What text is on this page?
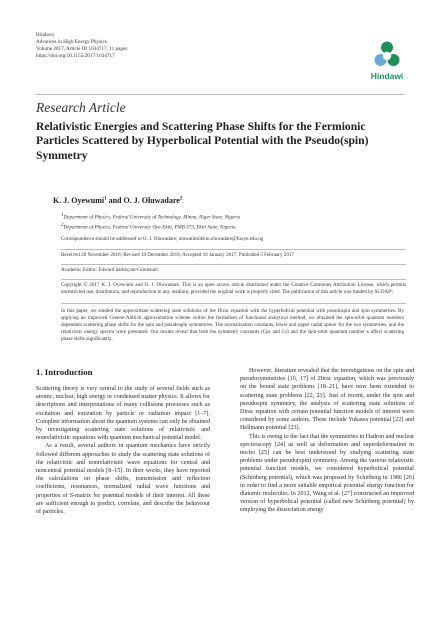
Hindawi
Advances in High Energy Physics
Volume 2017, Article ID 1634717, 11 pages
https://doi.org/10.1155/2017/1634717
Hindawi
Research Article
Relativistic Energies and Scattering Phase Shifts for the Fermionic Particles Scattered by Hyperbolical Potential with the Pseudo(spin) Symmetry
K. J. Oyewumi$^1$ and O. J. Oluwadare$^2$
$^1$Department of Physics, Federal University of Technology, Minna, Niger State, Nigeria
$^2$Department of Physics, Federal University Oye-Ekiti, PMB 373, Ekiti State, Nigeria
Correspondence should be addressed to O. J. Oluwadare; oluwatimilehin.oluwadare@fuoye.edu.ng
Received 20 November 2016; Revised 19 December 2016; Accepted 10 January 2017; Published 5 February 2017
Academic Editor: Edward Sarkisyan-Grinbaum
Copyright © 2017 K. J. Oyewumi and O. J. Oluwadare. This is an open access article distributed under the Creative Commons Attribution License, which permits unrestricted use, distribution, and reproduction in any medium, provided the original work is properly cited. The publication of this article was funded by SCOAP³.
In this paper, we studied the approximate scattering state solutions of the Dirac equation with the hyperbolical potential with pseudospin and spin symmetries. By applying an improved Greene-Aldrich approximation scheme within the formalism of functional analytical method, we obtained the spin-orbit quantum numbers dependent scattering phase shifts for the spin and pseudospin symmetries. The normalization constants, lower and upper radial spinor for the two symmetries, and the relativistic energy spectra were presented. Our results reveal that both the symmetry constants (Cps and Cs) and the spin-orbit quantum number κ affect scattering phase shifts significantly.
1. Introduction

Scattering theory is very central to the study of several fields such as atomic, nuclear, high energy or condensed matter physics. It allows for descriptions and interpretations of many collisions processes such as excitation and ionization by particle or radiation impact [1–7]. Complete information about the quantum systems can only be obtained by investigating scattering state solutions of relativistic and nonrelativistic equations with quantum mechanical potential model.

As a result, several authors in quantum mechanics have strictly followed different approaches to study the scattering state solutions of the relativistic and nonrelativistic wave equations for central and noncentral potential models [8–15]. In their works, they have reported the calculations on phase shifts, transmission and reflection coefficients, resonances, normalized radial wave functions and properties of S-matrix for potential models of their interest. All these are sufficient enough to predict, correlate, and describe the behaviour of particles.

However, literature revealed that the investigations on the spin and pseudosymmetries [16, 17] of Dirac equation, which was previously on the bound state problems [18–21], have now been extended to scattering state problems [22, 23]. Just of recent, under the spin and pseudospin symmetry, the analysis of scattering state solutions of Dirac equation with certain potential function models of interest were considered by some authors. These include Yukawa potential [22] and Hellmann potential [23].

This is owing to the fact that the symmetries in Hadron and nuclear spectroscopy [24] as well as deformation and superdeformation in nuclei [25] can be best understood by studying scattering state problems under pseudo(spin) symmetry. Among the various relativistic potential function models, we considered hyperbolical potential (Schiöberg potential), which was proposed by Schiöberg in 1986 [26] in order to find a more suitable empirical potential energy function for diatomic molecules. In 2012, Wang et al. [27] constructed an improved version of hyperbolical potential (called new Schiöberg potential) by employing the dissociation energy
